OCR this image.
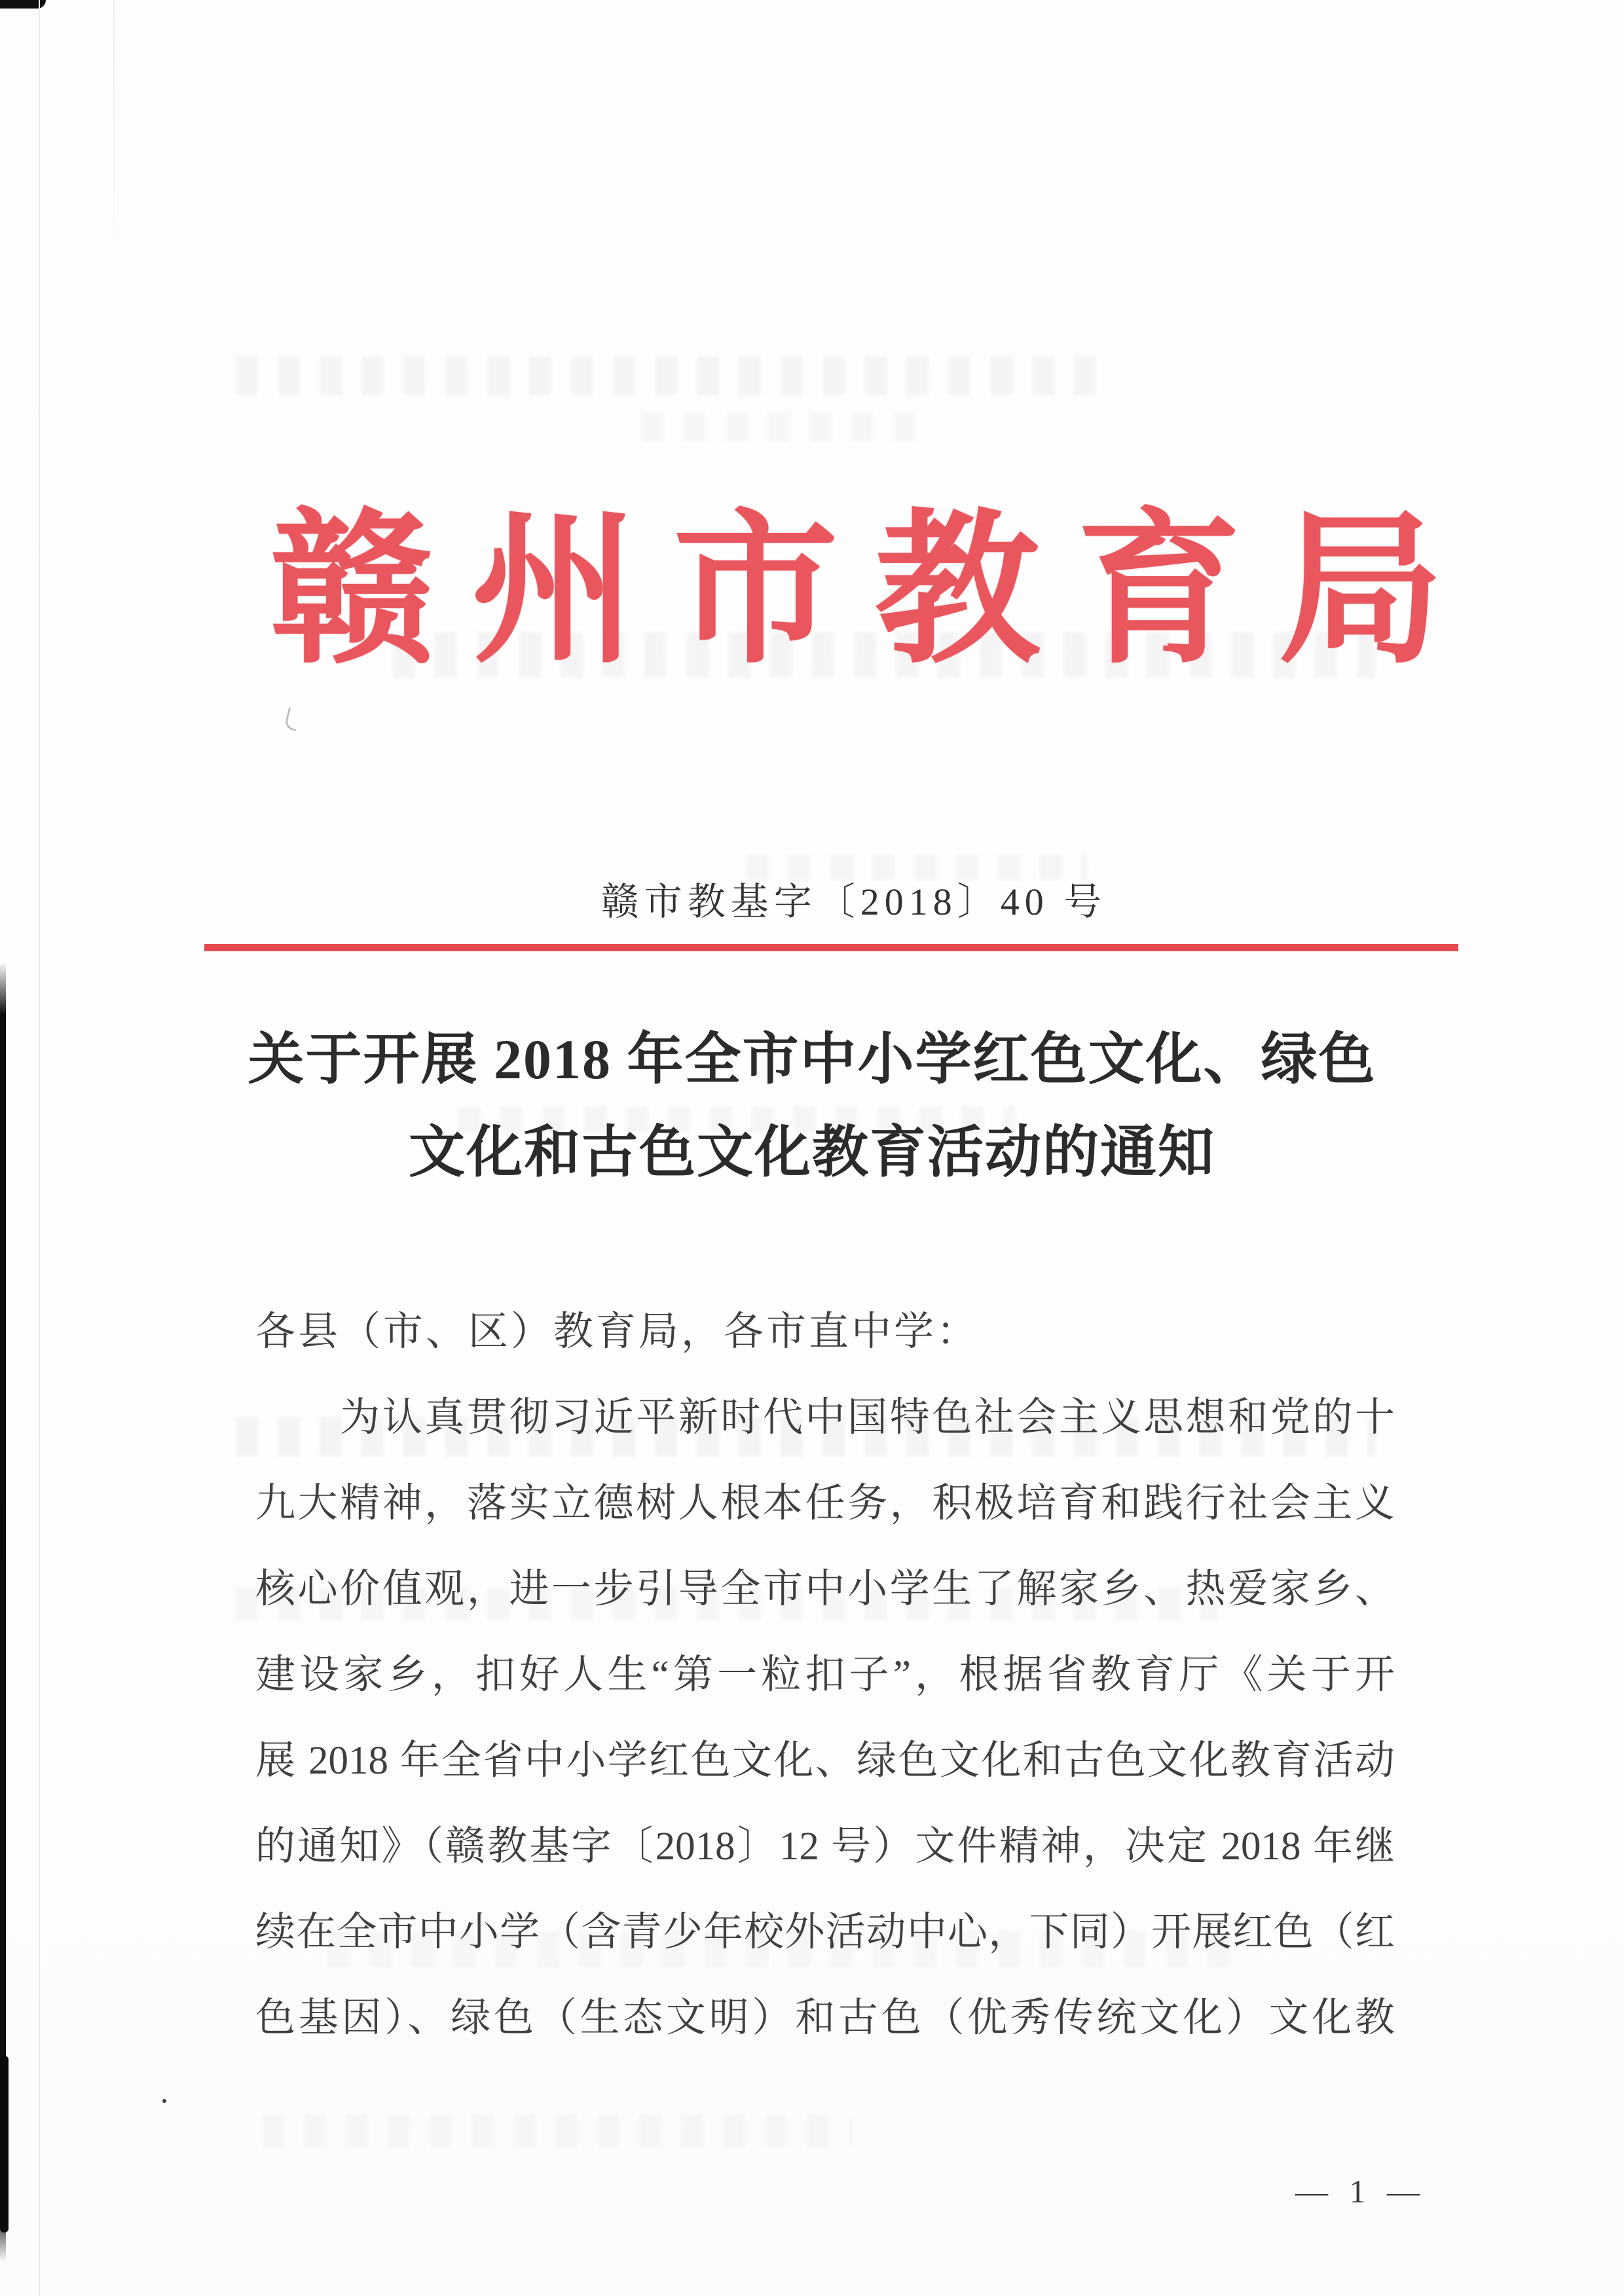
赣州市教育局
赣市教基字〔2018〕40 号
关于开展 2018 年全市中小学红色文化、绿色
文化和古色文化教育活动的通知
各县（市、区）教育局，各市直中学：
　　为认真贯彻习近平新时代中国特色社会主义思想和党的十
九大精神，落实立德树人根本任务，积极培育和践行社会主义
核心价值观，进一步引导全市中小学生了解家乡、热爱家乡、
建设家乡，扣好人生“第一粒扣子”，根据省教育厅《关于开
展 2018 年全省中小学红色文化、绿色文化和古色文化教育活动
的通知》（赣教基字〔2018〕12 号）文件精神，决定 2018 年继
续在全市中小学（含青少年校外活动中心，下同）开展红色（红
色基因）、绿色（生态文明）和古色（优秀传统文化）文化教
— 1 —
